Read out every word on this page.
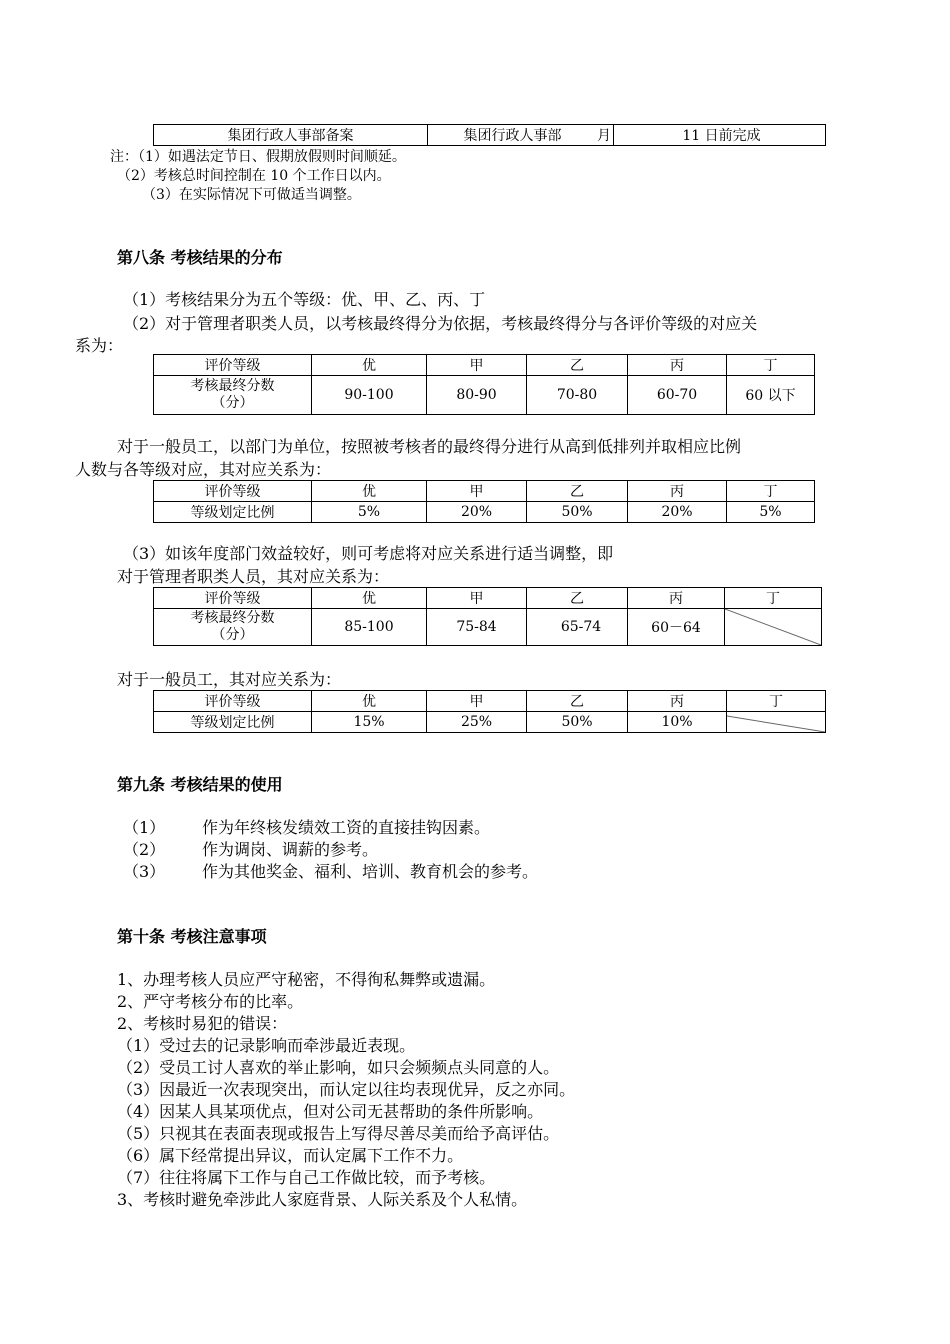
集团行政人事部备案	集团行政人事部	月	11 日前完成
注：（1）如遇法定节日、假期放假则时间顺延。
（2）考核总时间控制在 10 个工作日以内。
（3）在实际情况下可做适当调整。
第八条 考核结果的分布
（1）考核结果分为五个等级：优、甲、乙、丙、丁
（2）对于管理者职类人员，以考核最终得分为依据，考核最终得分与各评价等级的对应关
系为：
评价等级	优	甲	乙	丙	丁

考核最终分数
（分）	90-100	80-90	70-80	60-70	60 以下
对于一般员工，以部门为单位，按照被考核者的最终得分进行从高到低排列并取相应比例
人数与各等级对应，其对应关系为：
评价等级	优	甲	乙	丙	丁
等级划定比例	5%	20%	50%	20%	5%
（3）如该年度部门效益较好，则可考虑将对应关系进行适当调整，即
对于管理者职类人员，其对应关系为：
评价等级	优	甲	乙	丙	丁

考核最终分数
（分）	85-100	75-84	65-74	60－64	
对于一般员工，其对应关系为：
评价等级	优	甲	乙	丙	丁
等级划定比例	15%	25%	50%	10%	
第九条 考核结果的使用
（1） 作为年终核发绩效工资的直接挂钩因素。
（2） 作为调岗、调薪的参考。
（3） 作为其他奖金、福利、培训、教育机会的参考。
第十条 考核注意事项
1、办理考核人员应严守秘密，不得徇私舞弊或遗漏。
2、严守考核分布的比率。
2、考核时易犯的错误：
（1）受过去的记录影响而牵涉最近表现。
（2）受员工讨人喜欢的举止影响，如只会频频点头同意的人。
（3）因最近一次表现突出，而认定以往均表现优异，反之亦同。
（4）因某人具某项优点，但对公司无甚帮助的条件所影响。
（5）只视其在表面表现或报告上写得尽善尽美而给予高评估。
（6）属下经常提出异议，而认定属下工作不力。
（7）往往将属下工作与自己工作做比较，而予考核。
3、考核时避免牵涉此人家庭背景、人际关系及个人私情。
